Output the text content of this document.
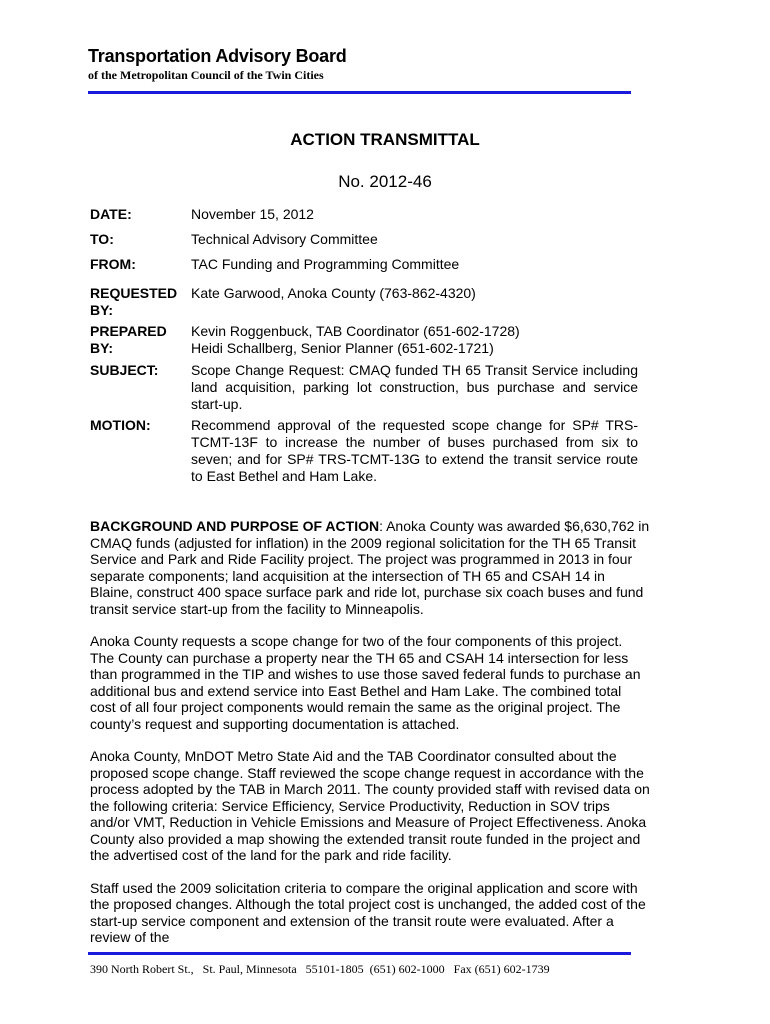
Transportation Advisory Board
of the Metropolitan Council of the Twin Cities
ACTION TRANSMITTAL
No. 2012-46
DATE:	November 15, 2012
TO:	Technical Advisory Committee
FROM:	TAC Funding and Programming Committee
REQUESTED
BY:
Kate Garwood, Anoka County (763-862-4320)
PREPARED
BY:
Kevin Roggenbuck, TAB Coordinator (651-602-1728)
Heidi Schallberg, Senior Planner (651-602-1721)
SUBJECT:	Scope Change Request: CMAQ funded TH 65 Transit Service including land acquisition, parking lot construction, bus purchase and service start-up.
MOTION:	Recommend approval of the requested scope change for SP# TRS-TCMT-13F to increase the number of buses purchased from six to seven; and for SP# TRS-TCMT-13G to extend the transit service route to East Bethel and Ham Lake.

BACKGROUND AND PURPOSE OF ACTION: Anoka County was awarded $6,630,762 in CMAQ funds (adjusted for inflation) in the 2009 regional solicitation for the TH 65 Transit Service and Park and Ride Facility project. The project was programmed in 2013 in four separate components; land acquisition at the intersection of TH 65 and CSAH 14 in Blaine, construct 400 space surface park and ride lot, purchase six coach buses and fund transit service start-up from the facility to Minneapolis.

Anoka County requests a scope change for two of the four components of this project. The County can purchase a property near the TH 65 and CSAH 14 intersection for less than programmed in the TIP and wishes to use those saved federal funds to purchase an additional bus and extend service into East Bethel and Ham Lake. The combined total cost of all four project components would remain the same as the original project. The county’s request and supporting documentation is attached.

Anoka County, MnDOT Metro State Aid and the TAB Coordinator consulted about the proposed scope change. Staff reviewed the scope change request in accordance with the process adopted by the TAB in March 2011. The county provided staff with revised data on the following criteria: Service Efficiency, Service Productivity, Reduction in SOV trips and/or VMT, Reduction in Vehicle Emissions and Measure of Project Effectiveness. Anoka County also provided a map showing the extended transit route funded in the project and the advertised cost of the land for the park and ride facility.

Staff used the 2009 solicitation criteria to compare the original application and score with the proposed changes. Although the total project cost is unchanged, the added cost of the start-up service component and extension of the transit route were evaluated. After a review of the

390 North Robert St.,   St. Paul, Minnesota   55101-1805  (651) 602-1000   Fax (651) 602-1739
